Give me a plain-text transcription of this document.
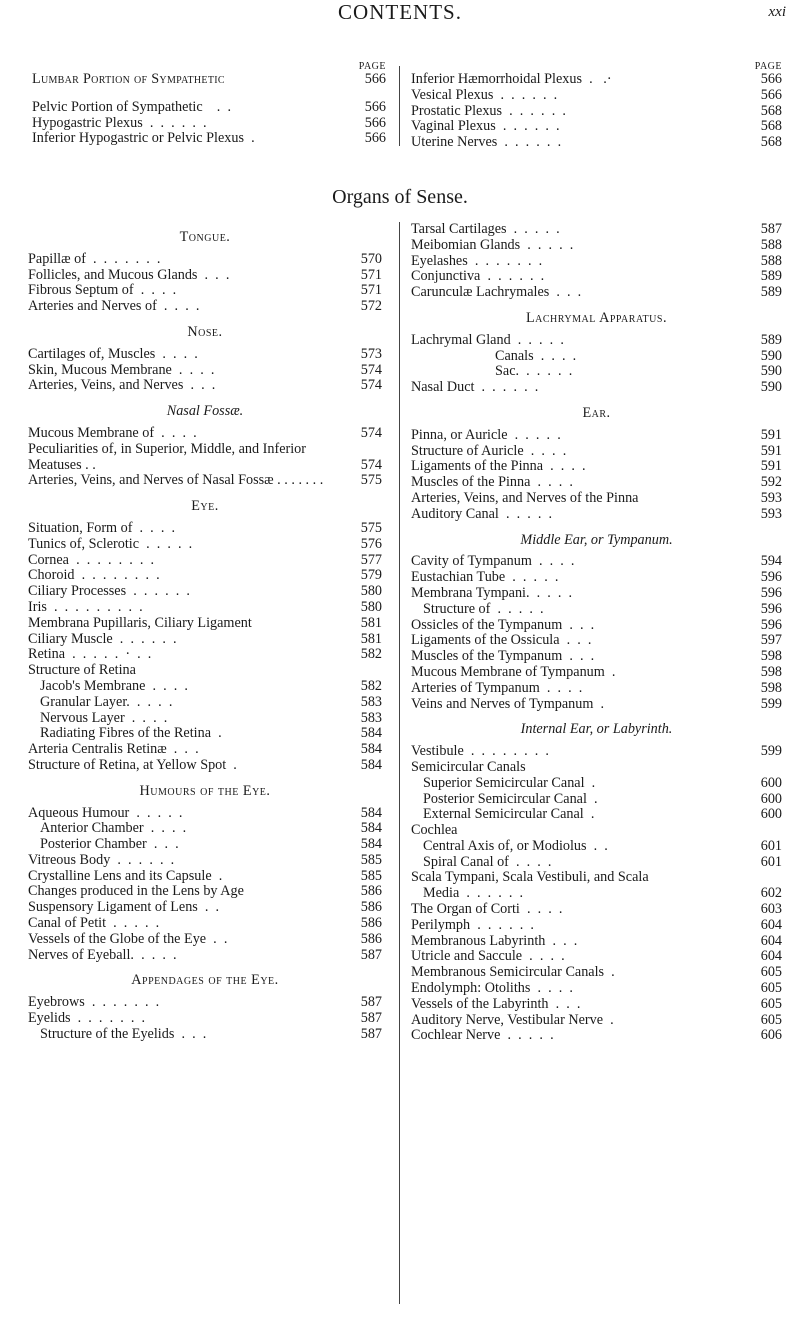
CONTENTS.	xxi
PAGE
Lumbar Portion of Sympathetic	566
Pelvic Portion of Sympathetic    .  .	566
Hypogastric Plexus  .  .  .  .  .  .	566
Inferior Hypogastric or Pelvic Plexus  .	566
PAGE
Inferior Hæmorrhoidal Plexus  .   .·	566
Vesical Plexus  .  .  .  .  .  .	566
Prostatic Plexus  .  .  .  .  .  .	568
Vaginal Plexus  .  .  .  .  .  .	568
Uterine Nerves  .  .  .  .  .  .	568
Organs of Sense.
Tongue.
Papillæ of  .  .  .  .  .  .  .	570
Follicles, and Mucous Glands  .  .  .	571
Fibrous Septum of  .  .  .  .	571
Arteries and Nerves of  .  .  .  .	572
Nose.
Cartilages of, Muscles  .  .  .  .	573
Skin, Mucous Membrane  .  .  .  .	574
Arteries, Veins, and Nerves  .  .  .	574
Nasal Fossæ.
Mucous Membrane of  .  .  .  .	574
Peculiarities of, in Superior, Middle, and Inferior Meatuses . .	574
Arteries, Veins, and Nerves of Nasal Fossæ . . . . . . .	575
Eye.
Situation, Form of  .  .  .  .	575
Tunics of, Sclerotic  .  .  .  .  .	576
Cornea  .  .  .  .  .  .  .  .	577
Choroid  .  .  .  .  .  .  .  .	579
Ciliary Processes  .  .  .  .  .  .	580
Iris  .  .  .  .  .  .  .  .  .	580
Membrana Pupillaris, Ciliary Ligament	581
Ciliary Muscle  .  .  .  .  .  .	581
Retina  .  .  .  .  .  ·  .  .	582
Structure of Retina
Jacob's Membrane  .  .  .  .	582
Granular Layer.  .  .  .  .	583
Nervous Layer  .  .  .  .	583
Radiating Fibres of the Retina  .	584
Arteria Centralis Retinæ  .  .  .	584
Structure of Retina, at Yellow Spot  .	584
Humours of the Eye.
Aqueous Humour  .  .  .  .  .	584
Anterior Chamber  .  .  .  .	584
Posterior Chamber  .  .  .	584
Vitreous Body  .  .  .  .  .  .	585
Crystalline Lens and its Capsule  .	585
Changes produced in the Lens by Age	586
Suspensory Ligament of Lens  .  .	586
Canal of Petit  .  .  .  .  .	586
Vessels of the Globe of the Eye  .  .	586
Nerves of Eyeball.  .  .  .  .	587
Appendages of the Eye.
Eyebrows  .  .  .  .  .  .  .	587
Eyelids  .  .  .  .  .  .  .	587
Structure of the Eyelids  .  .  .	587
Tarsal Cartilages  .  .  .  .  .	587
Meibomian Glands  .  .  .  .  .	588
Eyelashes  .  .  .  .  .  .  .	588
Conjunctiva  .  .  .  .  .  .	589
Carunculæ Lachrymales  .  .  .	589
Lachrymal Apparatus.
Lachrymal Gland  .  .  .  .  .	589
Canals  .  .  .  .	590
Sac.  .  .  .  .  .	590
Nasal Duct  .  .  .  .  .  .	590
Ear.
Pinna, or Auricle  .  .  .  .  .	591
Structure of Auricle  .  .  .  .	591
Ligaments of the Pinna  .  .  .  .	591
Muscles of the Pinna  .  .  .  .	592
Arteries, Veins, and Nerves of the Pinna	593
Auditory Canal  .  .  .  .  .	593
Middle Ear, or Tympanum.
Cavity of Tympanum  .  .  .  .	594
Eustachian Tube  .  .  .  .  .	596
Membrana Tympani.  .  .  .  .	596
Structure of  .  .  .  .  .	596
Ossicles of the Tympanum  .  .  .	596
Ligaments of the Ossicula  .  .  .	597
Muscles of the Tympanum  .  .  .	598
Mucous Membrane of Tympanum  .	598
Arteries of Tympanum  .  .  .  .	598
Veins and Nerves of Tympanum  .	599
Internal Ear, or Labyrinth.
Vestibule  .  .  .  .  .  .  .  .	599
Semicircular Canals
Superior Semicircular Canal  .	600
Posterior Semicircular Canal  .	600
External Semicircular Canal  .	600
Cochlea
Central Axis of, or Modiolus  .  .	601
Spiral Canal of  .  .  .  .	601
Scala Tympani, Scala Vestibuli, and Scala
Media  .  .  .  .  .  .	602
The Organ of Corti  .  .  .  .	603
Perilymph  .  .  .  .  .  .	604
Membranous Labyrinth  .  .  .	604
Utricle and Saccule  .  .  .  .	604
Membranous Semicircular Canals  .	605
Endolymph: Otoliths  .  .  .  .	605
Vessels of the Labyrinth  .  .  .	605
Auditory Nerve, Vestibular Nerve  .	605
Cochlear Nerve  .  .  .  .  .	606
